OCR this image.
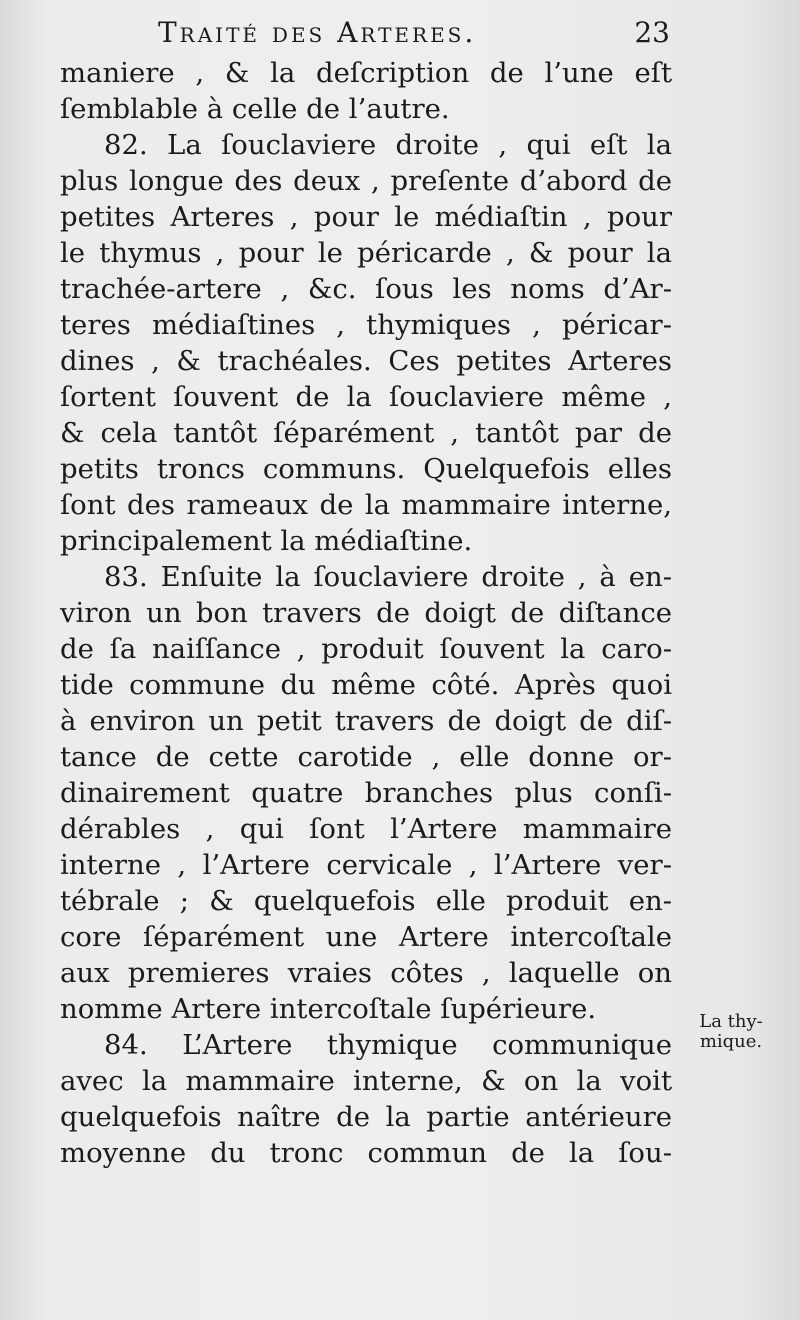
Traité des Arteres.	23
maniere , & la deſcription de l’une eſt
ſemblable à celle de l’autre.
82. La ſouclaviere droite , qui eſt la
plus longue des deux , preſente d’abord de
petites Arteres , pour le médiaſtin , pour
le thymus , pour le péricarde , & pour la
trachée-artere , &c. ſous les noms d’Ar-
teres médiaſtines , thymiques , péricar-
dines , & trachéales. Ces petites Arteres
ſortent ſouvent de la ſouclaviere même ,
& cela tantôt ſéparément , tantôt par de
petits troncs communs. Quelquefois elles
ſont des rameaux de la mammaire interne,
principalement la médiaſtine.
83. Enſuite la ſouclaviere droite , à en-
viron un bon travers de doigt de diſtance
de ſa naiſſance , produit ſouvent la caro-
tide commune du même côté. Après quoi
à environ un petit travers de doigt de diſ-
tance de cette carotide , elle donne or-
dinairement quatre branches plus conſi-
dérables , qui ſont l’Artere mammaire
interne , l’Artere cervicale , l’Artere ver-
tébrale ; & quelquefois elle produit en-
core ſéparément une Artere intercoſtale
aux premieres vraies côtes , laquelle on
nomme Artere intercoſtale ſupérieure.
84. L’Artere thymique communique
avec la mammaire interne, & on la voit
quelquefois naître de la partie antérieure
moyenne du tronc commun de la ſou-
La thy-
mique.
